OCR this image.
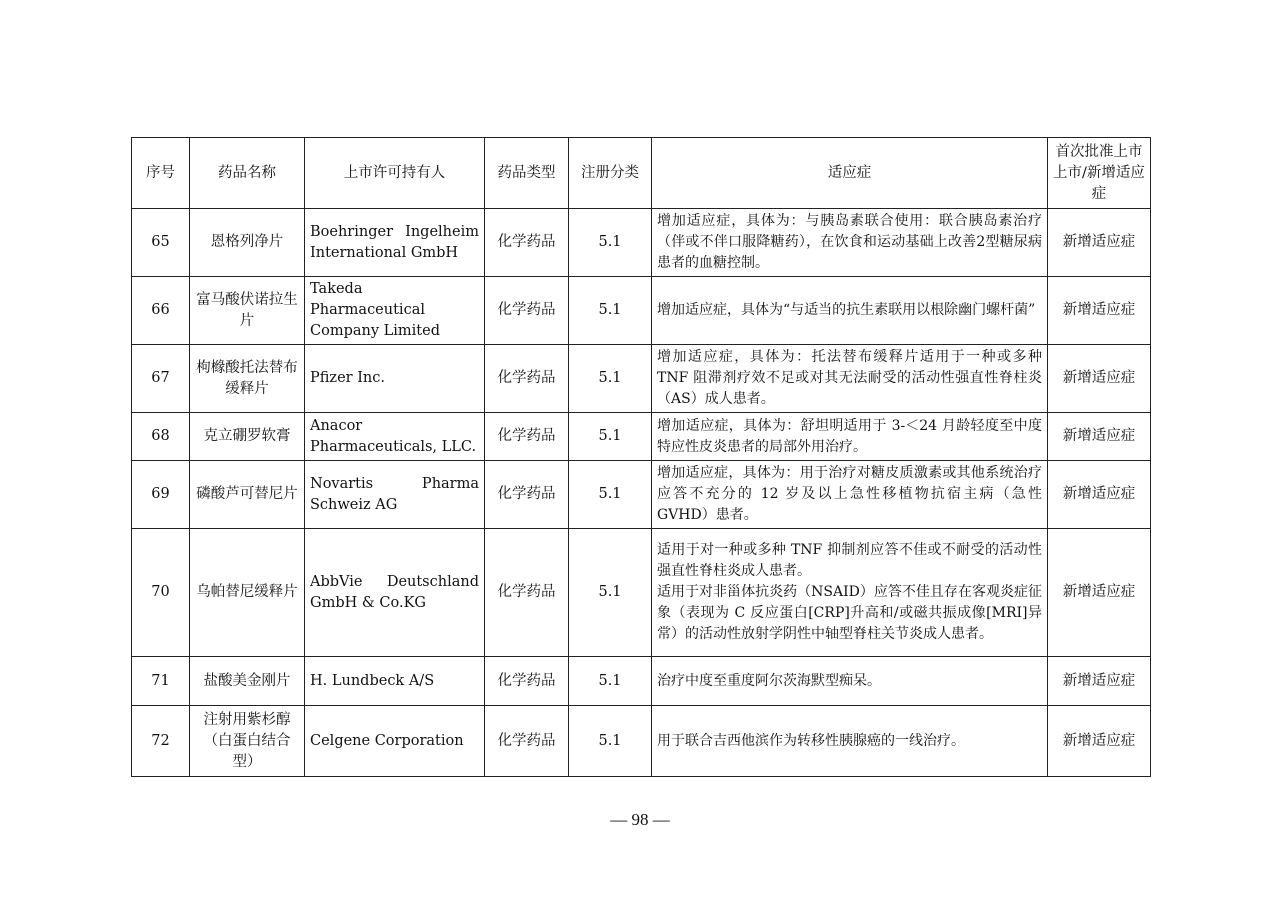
序号	药品名称	上市许可持有人	药品类型	注册分类	适应症	首次批准上市上市/新增适应症
65	恩格列净片	Boehringer Ingelheim International GmbH	化学药品	5.1	增加适应症，具体为：与胰岛素联合使用：联合胰岛素治疗（伴或不伴口服降糖药），在饮食和运动基础上改善2型糖尿病患者的血糖控制。	新增适应症
66	富马酸伏诺拉生片	Takeda Pharmaceutical Company Limited	化学药品	5.1	增加适应症，具体为“与适当的抗生素联用以根除幽门螺杆菌”	新增适应症
67	枸橼酸托法替布缓释片	Pfizer Inc.	化学药品	5.1	增加适应症，具体为：托法替布缓释片适用于一种或多种 TNF 阻滞剂疗效不足或对其无法耐受的活动性强直性脊柱炎（AS）成人患者。	新增适应症
68	克立硼罗软膏	Anacor Pharmaceuticals, LLC.	化学药品	5.1	增加适应症，具体为：舒坦明适用于 3-＜24 月龄轻度至中度特应性皮炎患者的局部外用治疗。	新增适应症
69	磷酸芦可替尼片	Novartis Pharma Schweiz AG	化学药品	5.1	增加适应症，具体为：用于治疗对糖皮质激素或其他系统治疗应答不充分的 12 岁及以上急性移植物抗宿主病（急性 GVHD）患者。	新增适应症
70	乌帕替尼缓释片	AbbVie Deutschland GmbH & Co.KG	化学药品	5.1	适用于对一种或多种 TNF 抑制剂应答不佳或不耐受的活动性强直性脊柱炎成人患者。
适用于对非甾体抗炎药（NSAID）应答不佳且存在客观炎症征象（表现为 C 反应蛋白[CRP]升高和/或磁共振成像[MRI]异常）的活动性放射学阴性中轴型脊柱关节炎成人患者。	新增适应症
71	盐酸美金刚片	H. Lundbeck A/S	化学药品	5.1	治疗中度至重度阿尔茨海默型痴呆。	新增适应症
72	注射用紫杉醇（白蛋白结合型）	Celgene Corporation	化学药品	5.1	用于联合吉西他滨作为转移性胰腺癌的一线治疗。	新增适应症
— 98 —
